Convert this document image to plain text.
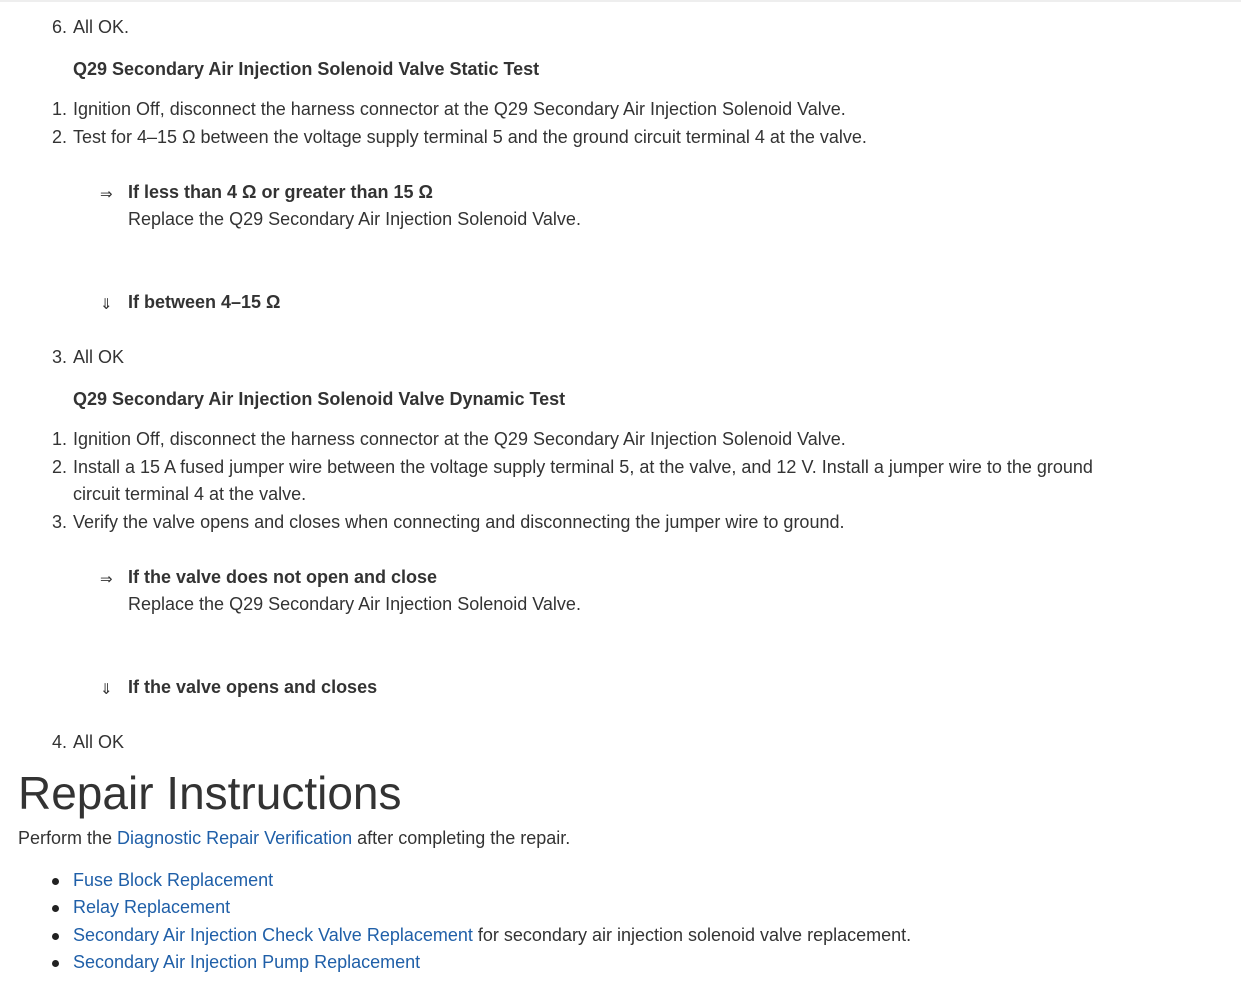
6. All OK.
Q29 Secondary Air Injection Solenoid Valve Static Test
1. Ignition Off, disconnect the harness connector at the Q29 Secondary Air Injection Solenoid Valve.
2. Test for 4–15 Ω between the voltage supply terminal 5 and the ground circuit terminal 4 at the valve.
⇒ If less than 4 Ω or greater than 15 Ω
Replace the Q29 Secondary Air Injection Solenoid Valve.
⇓ If between 4–15 Ω
3. All OK
Q29 Secondary Air Injection Solenoid Valve Dynamic Test
1. Ignition Off, disconnect the harness connector at the Q29 Secondary Air Injection Solenoid Valve.
2. Install a 15 A fused jumper wire between the voltage supply terminal 5, at the valve, and 12 V. Install a jumper wire to the ground
circuit terminal 4 at the valve.
3. Verify the valve opens and closes when connecting and disconnecting the jumper wire to ground.
⇒ If the valve does not open and close
Replace the Q29 Secondary Air Injection Solenoid Valve.
⇓ If the valve opens and closes
4. All OK
Repair Instructions
Perform the Diagnostic Repair Verification after completing the repair.
Fuse Block Replacement
Relay Replacement
Secondary Air Injection Check Valve Replacement for secondary air injection solenoid valve replacement.
Secondary Air Injection Pump Replacement
